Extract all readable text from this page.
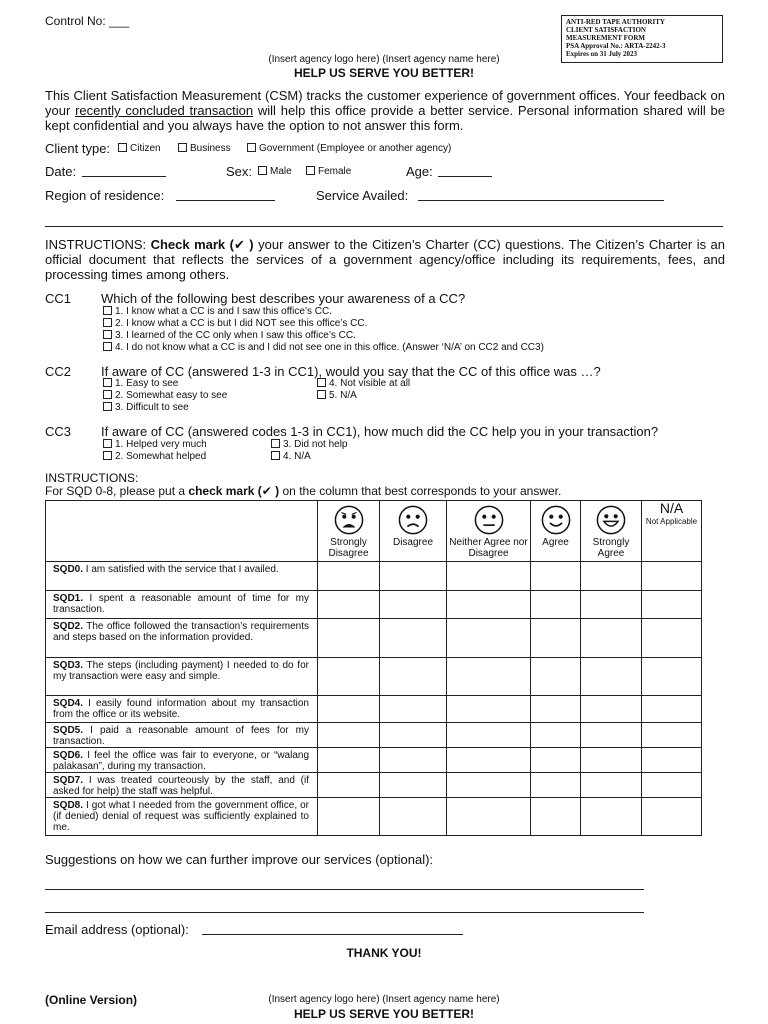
Control No: ___	ANTI-RED TAPE AUTHORITY
CLIENT SATISFACTION
MEASUREMENT FORM
PSA Approval No.: ARTA-2242-3
Expires on 31 July 2023
(Insert agency logo here) (Insert agency name here)
HELP US SERVE YOU BETTER!
This Client Satisfaction Measurement (CSM) tracks the customer experience of government offices. Your feedback on your recently concluded transaction will help this office provide a better service. Personal information shared will be kept confidential and you always have the option to not answer this form.
Client type:	Citizen	Business	Government (Employee or another agency)
Date:	Sex:	Male	Female	Age:
Region of residence:	Service Availed:
INSTRUCTIONS: Check mark (✔ ) your answer to the Citizen’s Charter (CC) questions. The Citizen’s Charter is an official document that reflects the services of a government agency/office including its requirements, fees, and processing times among others.
CC1 Which of the following best describes your awareness of a CC?
1. I know what a CC is and I saw this office’s CC.
2. I know what a CC is but I did NOT see this office’s CC.
3. I learned of the CC only when I saw this office’s CC.
4. I do not know what a CC is and I did not see one in this office. (Answer ‘N/A’ on CC2 and CC3)
CC2 If aware of CC (answered 1-3 in CC1), would you say that the CC of this office was …?
1. Easy to see
2. Somewhat easy to see
3. Difficult to see
4. Not visible at all
5. N/A
CC3 If aware of CC (answered codes 1-3 in CC1), how much did the CC help you in your transaction?
1. Helped very much
2. Somewhat helped
3. Did not help
4. N/A
INSTRUCTIONS:
For SQD 0-8, please put a check mark (✔ ) on the column that best corresponds to your answer.

	Strongly Disagree	Disagree	Neither Agree nor Disagree	Agree	Strongly Agree	N/A
Not Applicable

SQD0. I am satisfied with the service that I availed.						
SQD1. I spent a reasonable amount of time for my transaction.						
SQD2. The office followed the transaction’s requirements and steps based on the information provided.						
SQD3. The steps (including payment) I needed to do for my transaction were easy and simple.						
SQD4. I easily found information about my transaction from the office or its website.						
SQD5. I paid a reasonable amount of fees for my transaction.						
SQD6. I feel the office was fair to everyone, or “walang palakasan”, during my transaction.						
SQD7. I was treated courteously by the staff, and (if asked for help) the staff was helpful.						
SQD8. I got what I needed from the government office, or (if denied) denial of request was sufficiently explained to me.						
Suggestions on how we can further improve our services (optional):
Email address (optional):
THANK YOU!
(Online Version)	(Insert agency logo here) (Insert agency name here)
HELP US SERVE YOU BETTER!
